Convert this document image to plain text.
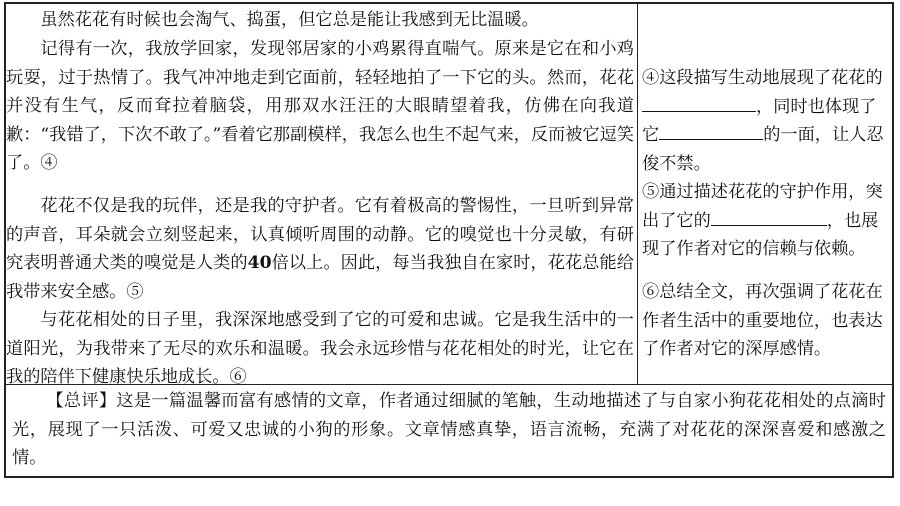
虽然花花有时候也会淘气、捣蛋，但它总是能让我感到无比温暖。

记得有一次，我放学回家，发现邻居家的小鸡累得直喘气。原来是它在和小鸡玩耍，过于热情了。我气冲冲地走到它面前，轻轻地拍了一下它的头。然而，花花并没有生气，反而耷拉着脑袋，用那双水汪汪的大眼睛望着我，仿佛在向我道歉：“我错了，下次不敢了。”看着它那副模样，我怎么也生不起气来，反而被它逗笑了。④

花花不仅是我的玩伴，还是我的守护者。它有着极高的警惕性，一旦听到异常的声音，耳朵就会立刻竖起来，认真倾听周围的动静。它的嗅觉也十分灵敏，有研究表明普通犬类的嗅觉是人类的40倍以上。因此，每当我独自在家时，花花总能给我带来安全感。⑤

与花花相处的日子里，我深深地感受到了它的可爱和忠诚。它是我生活中的一道阳光，为我带来了无尽的欢乐和温暖。我会永远珍惜与花花相处的时光，让它在我的陪伴下健康快乐地成长。⑥

④这段描写生动地展现了花花的，同时也体现了它	的一面，让人忍俊不禁。

⑤通过描述花花的守护作用，突出了它的	，也展现了作者对它的信赖与依赖。

⑥总结全文，再次强调了花花在作者生活中的重要地位，也表达了作者对它的深厚感情。

【总评】这是一篇温馨而富有感情的文章，作者通过细腻的笔触，生动地描述了与自家小狗花花相处的点滴时光，展现了一只活泼、可爱又忠诚的小狗的形象。文章情感真挚，语言流畅，充满了对花花的深深喜爱和感激之情。
